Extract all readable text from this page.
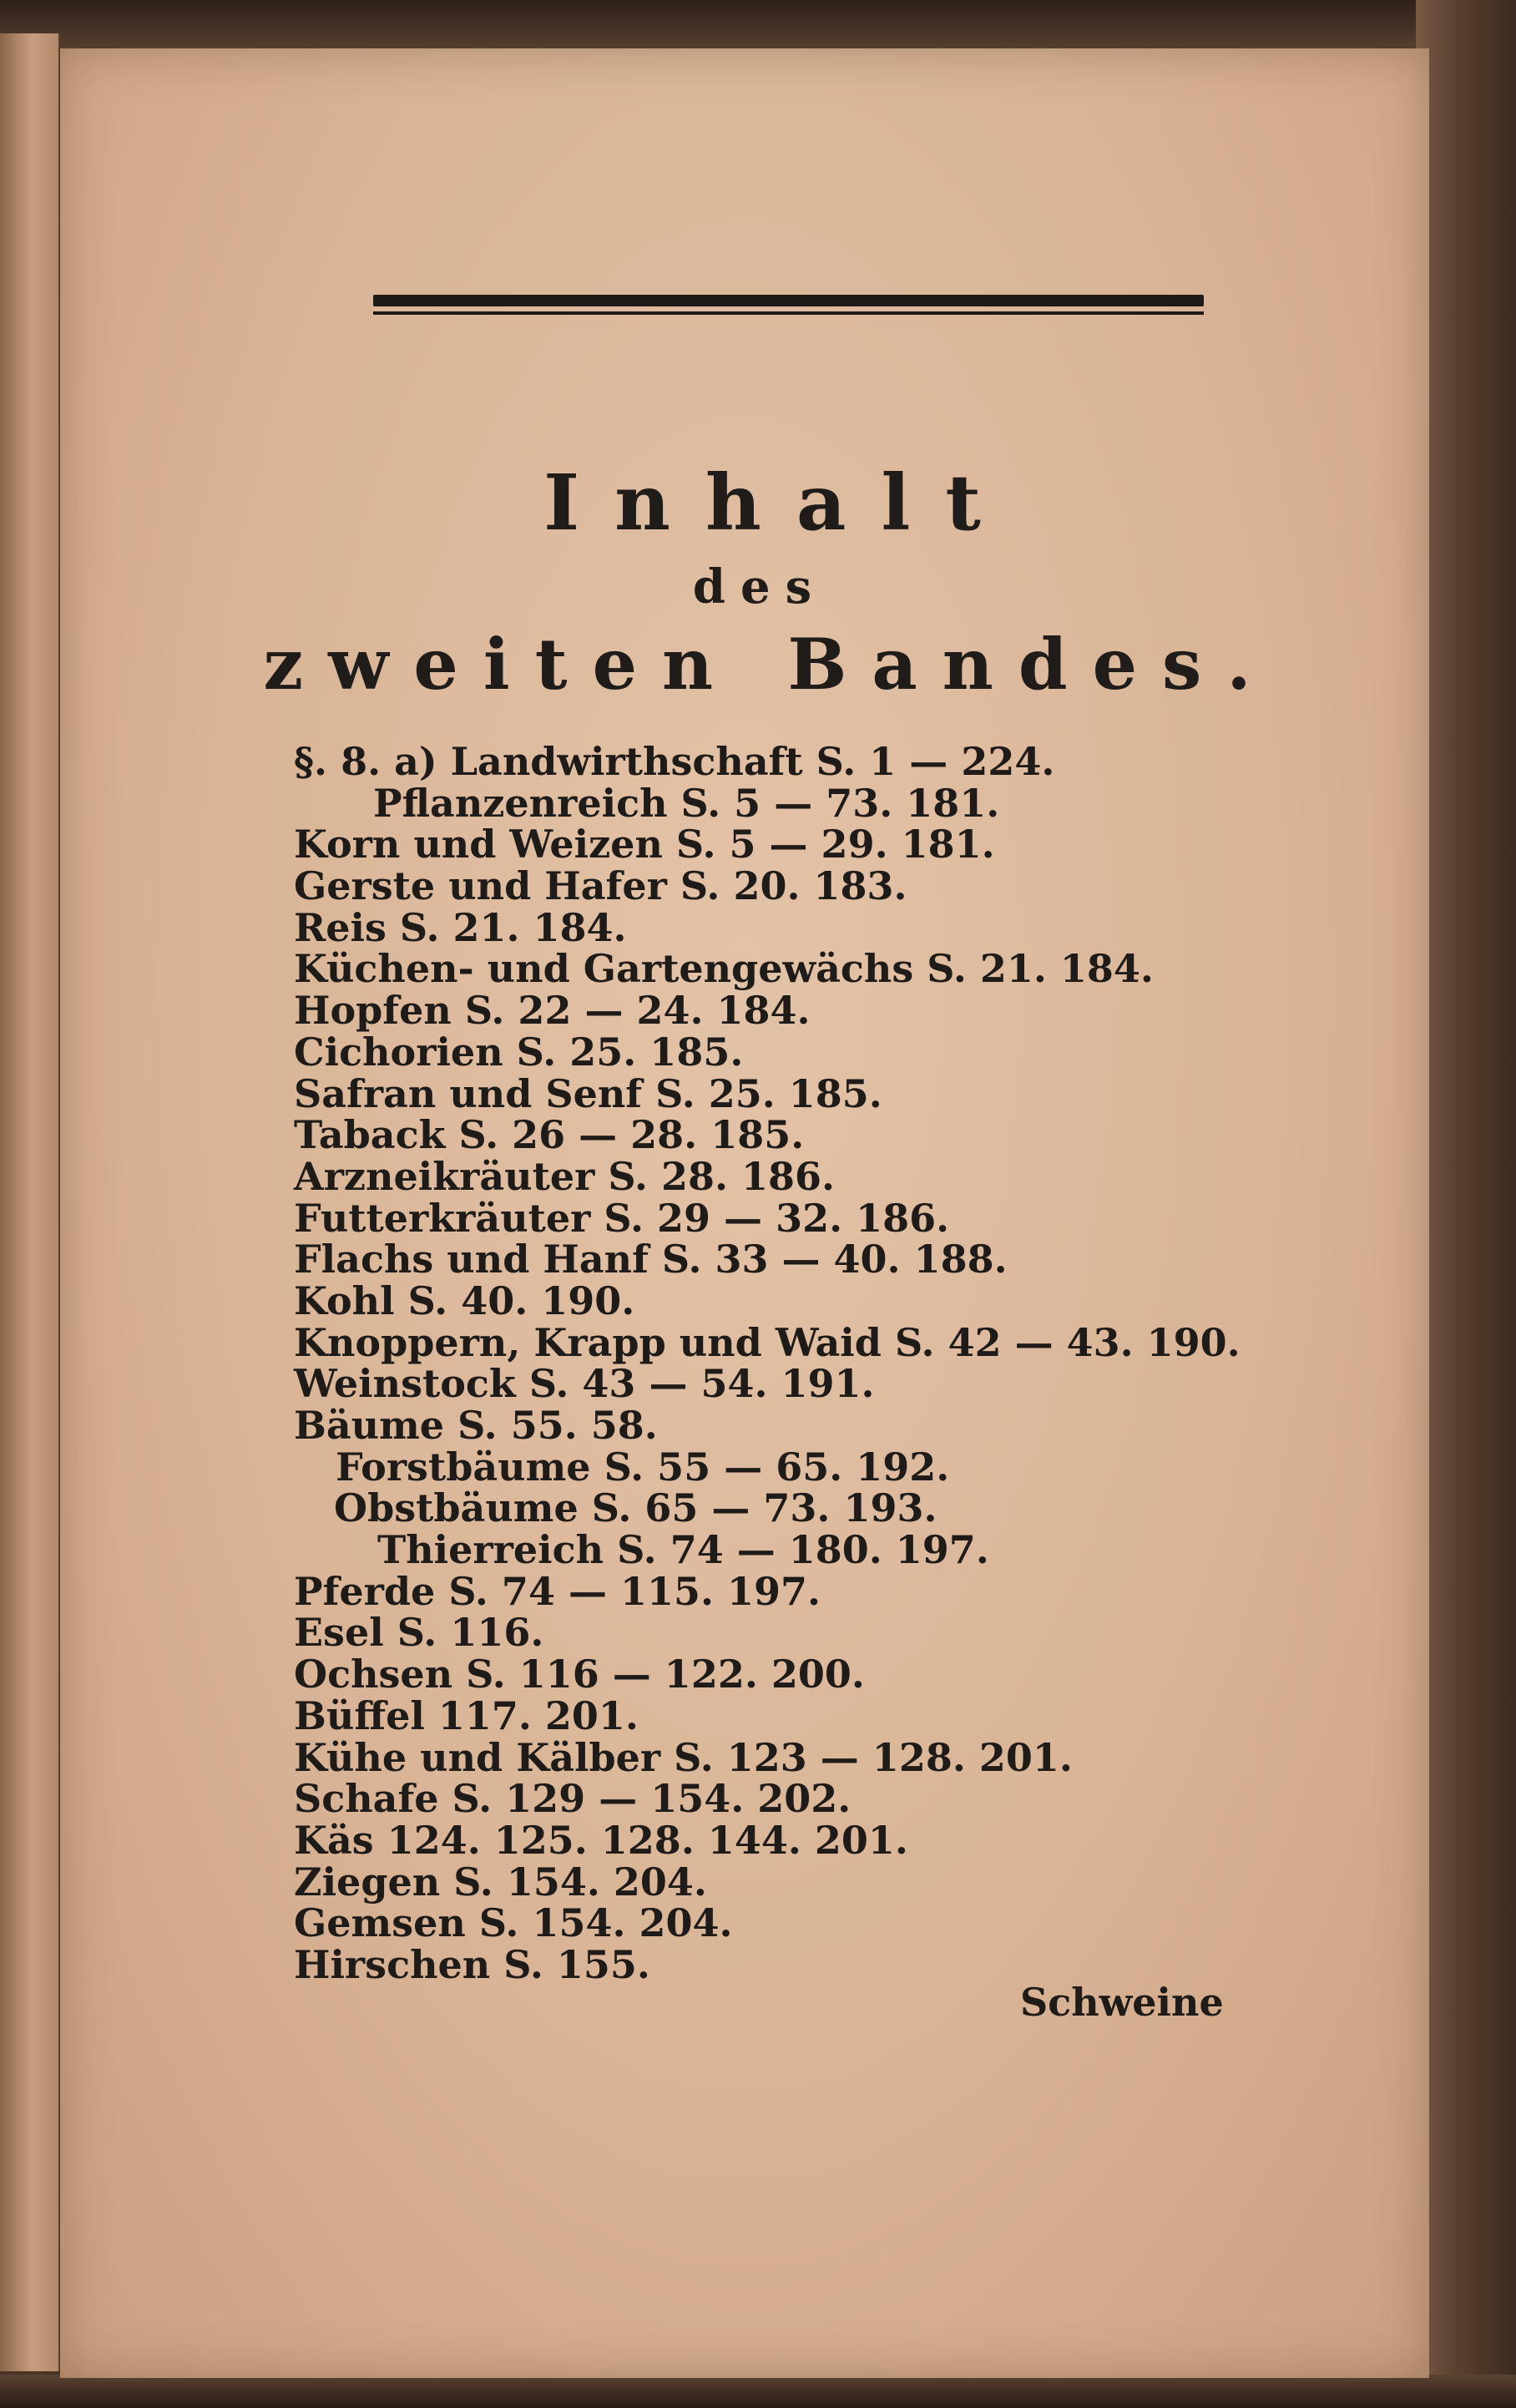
Inhalt
des
zweiten Bandes.
§. 8. a) Landwirthschaft S. 1 — 224.
Pflanzenreich S. 5 — 73. 181.
Korn und Weizen S. 5 — 29. 181.
Gerste und Hafer S. 20. 183.
Reis S. 21. 184.
Küchen- und Gartengewächs S. 21. 184.
Hopfen S. 22 — 24. 184.
Cichorien S. 25. 185.
Safran und Senf S. 25. 185.
Taback S. 26 — 28. 185.
Arzneikräuter S. 28. 186.
Futterkräuter S. 29 — 32. 186.
Flachs und Hanf S. 33 — 40. 188.
Kohl S. 40. 190.
Knoppern, Krapp und Waid S. 42 — 43. 190.
Weinstock S. 43 — 54. 191.
Bäume S. 55. 58.
Forstbäume S. 55 — 65. 192.
Obstbäume S. 65 — 73. 193.
Thierreich S. 74 — 180. 197.
Pferde S. 74 — 115. 197.
Esel S. 116.
Ochsen S. 116 — 122. 200.
Büffel 117. 201.
Kühe und Kälber S. 123 — 128. 201.
Schafe S. 129 — 154. 202.
Käs 124. 125. 128. 144. 201.
Ziegen S. 154. 204.
Gemsen S. 154. 204.
Hirschen S. 155.
Schweine
